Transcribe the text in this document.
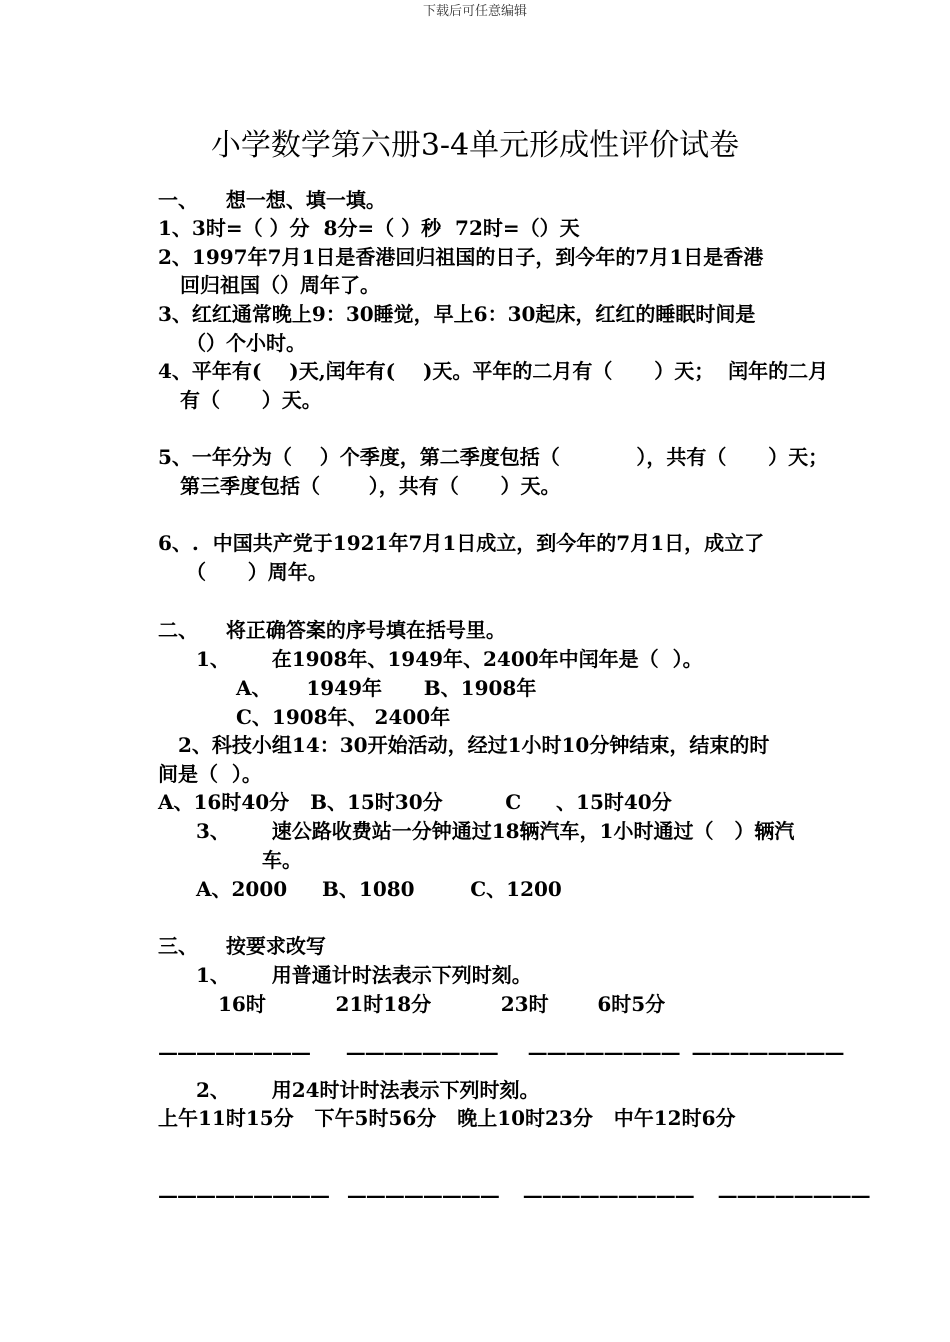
下载后可任意编辑
小学数学第六册3-4单元形成性评价试卷
一、    想一想、填一填。
1、3时=（ ）分  8分=（ ）秒  72时=（）天
2、1997年7月1日是香港回归祖国的日子，到今年的7月1日是香港
回归祖国（）周年了。
3、红红通常晚上9：30睡觉，早上6：30起床，红红的睡眠时间是
（）个小时。
4、平年有(    )天,闰年有(    )天。平年的二月有（      ）天；  闰年的二月
有（      ）天。
5、一年分为（    ）个季度，第二季度包括（           ），共有（      ）天；
第三季度包括（       ），共有（      ）天。
6、.  中国共产党于1921年7月1日成立，到今年的7月1日，成立了
（      ）周年。
二、    将正确答案的序号填在括号里。
1、      在1908年、1949年、2400年中闰年是（  ）。
A、     1949年      B、1908年
C、1908年、 2400年
2、科技小组14：30开始活动，经过1小时10分钟结束，结束的时
间是（  ）。
A、16时40分   B、15时30分         C     、15时40分
3、      速公路收费站一分钟通过18辆汽车，1小时通过（   ）辆汽
车。
A、2000     B、1080        C、1200
三、    按要求改写
1、      用普通计时法表示下列时刻。
16时          21时18分          23时       6时5分
————————      ————————     ————————  ————————
2、      用24时计时法表示下列时刻。
上午11时15分   下午5时56分   晚上10时23分   中午12时6分
—————————   ————————    —————————    ————————
